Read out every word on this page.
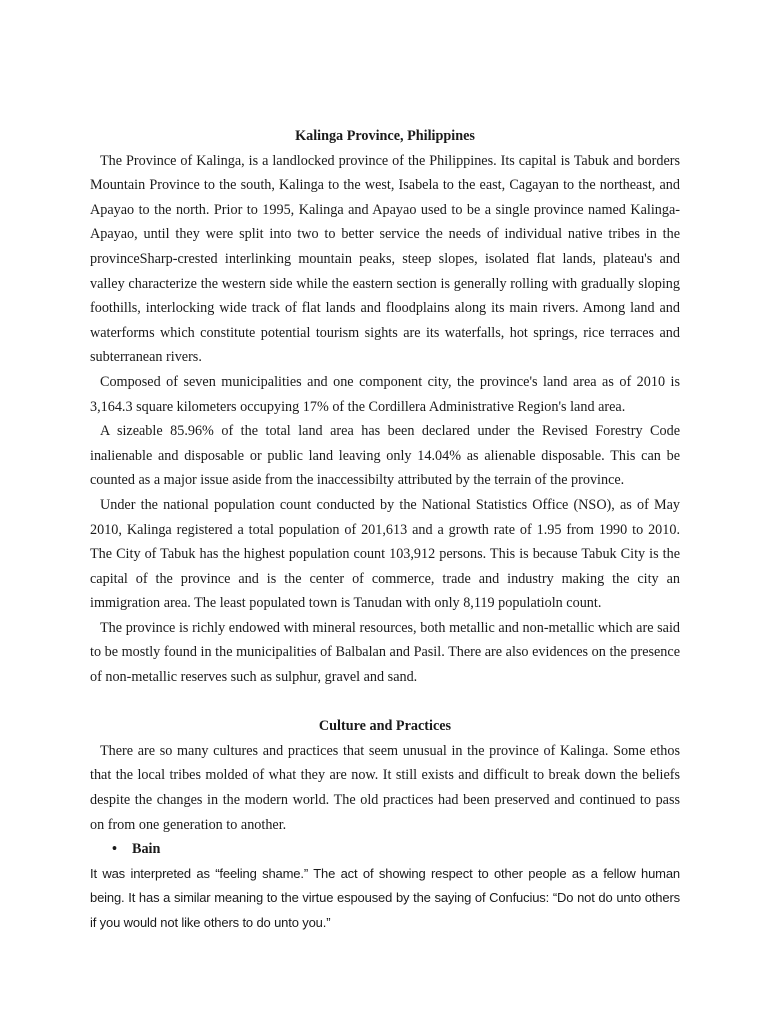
Kalinga Province, Philippines

The Province of Kalinga, is a landlocked province of the Philippines. Its capital is Tabuk and borders Mountain Province to the south, Kalinga to the west, Isabela to the east, Cagayan to the northeast, and Apayao to the north. Prior to 1995, Kalinga and Apayao used to be a single province named Kalinga-Apayao, until they were split into two to better service the needs of individual native tribes in the provinceSharp-crested interlinking mountain peaks, steep slopes, isolated flat lands, plateau's and valley characterize the western side while the eastern section is generally rolling with gradually sloping foothills, interlocking wide track of flat lands and floodplains along its main rivers. Among land and waterforms which constitute potential tourism sights are its waterfalls, hot springs, rice terraces and subterranean rivers.

Composed of seven municipalities and one component city, the province's land area as of 2010 is 3,164.3 square kilometers occupying 17% of the Cordillera Administrative Region's land area.

A sizeable 85.96% of the total land area has been declared under the Revised Forestry Code inalienable and disposable or public land leaving only 14.04% as alienable disposable. This can be counted as a major issue aside from the inaccessibilty attributed by the terrain of the province.

Under the national population count conducted by the National Statistics Office (NSO), as of May 2010, Kalinga registered a total population of 201,613 and a growth rate of 1.95 from 1990 to 2010. The City of Tabuk has the highest population count 103,912 persons. This is because Tabuk City is the capital of the province and is the center of commerce, trade and industry making the city an immigration area. The least populated town is Tanudan with only 8,119 populatioln count.

The province is richly endowed with mineral resources, both metallic and non-metallic which are said to be mostly found in the municipalities of Balbalan and Pasil. There are also evidences on the presence of non-metallic reserves such as sulphur, gravel and sand.

Culture and Practices

There are so many cultures and practices that seem unusual in the province of Kalinga. Some ethos that the local tribes molded of what they are now. It still exists and difficult to break down the beliefs despite the changes in the modern world. The old practices had been preserved and continued to pass on from one generation to another.

• Bain

It was interpreted as “feeling shame.” The act of showing respect to other people as a fellow human being. It has a similar meaning to the virtue espoused by the saying of Confucius: “Do not do unto others if you would not like others to do unto you.”
